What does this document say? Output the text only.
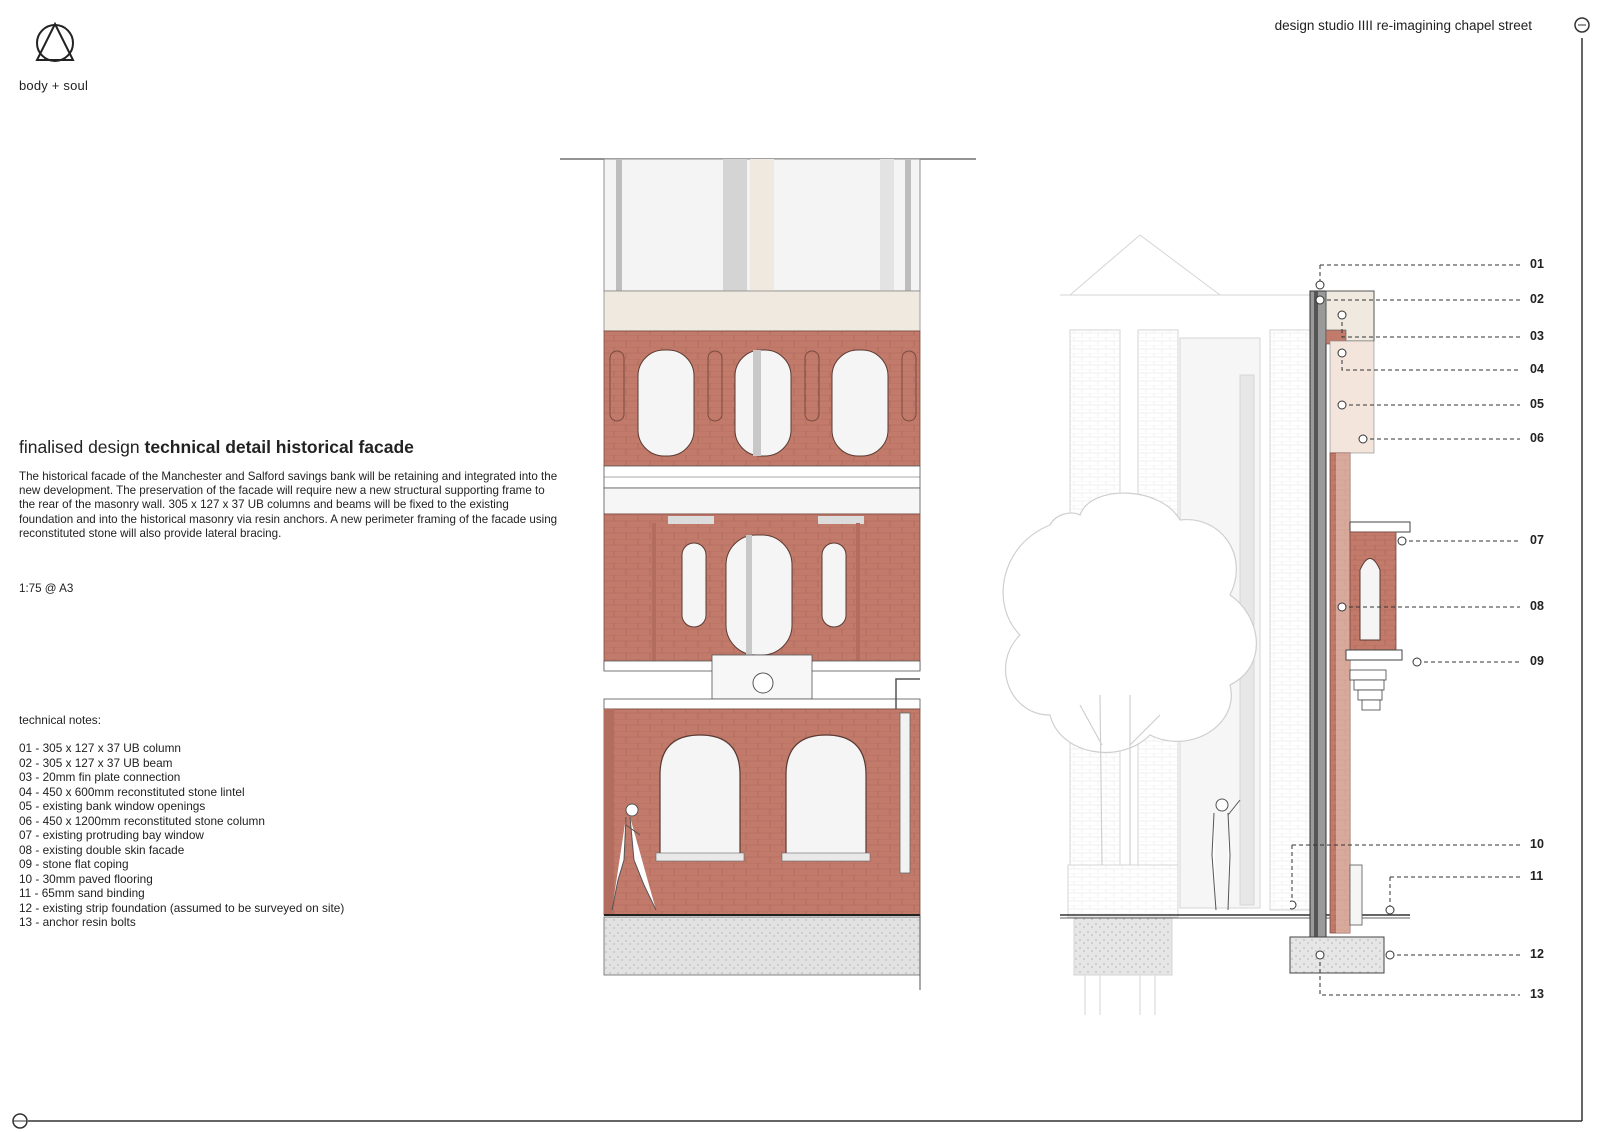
body + soul
design studio IIII re-imagining chapel street
finalised design technical detail historical facade
The historical facade of the Manchester and Salford savings bank will be retaining and integrated into the new development. The preservation of the facade will require new a new structural supporting frame to the rear of the masonry wall. 305 x 127 x 37 UB columns and beams will be fixed to the existing foundation and into the historical masonry via resin anchors. A new perimeter framing of the facade using reconstituted stone will also provide lateral bracing.
1:75 @ A3
technical notes:
01 - 305 x 127 x 37 UB column
02 - 305 x 127 x 37 UB beam
03 - 20mm fin plate connection
04 - 450 x 600mm reconstituted stone lintel
05 - existing bank window openings
06 - 450 x 1200mm reconstituted stone column
07 - existing protruding bay window
08 - existing double skin facade
09 - stone flat coping
10 - 30mm paved flooring
11 - 65mm sand binding
12 - existing strip foundation (assumed to be surveyed on site)
13 - anchor resin bolts
01
02
03
04
05
06
07
08
09
10
11
12
13
